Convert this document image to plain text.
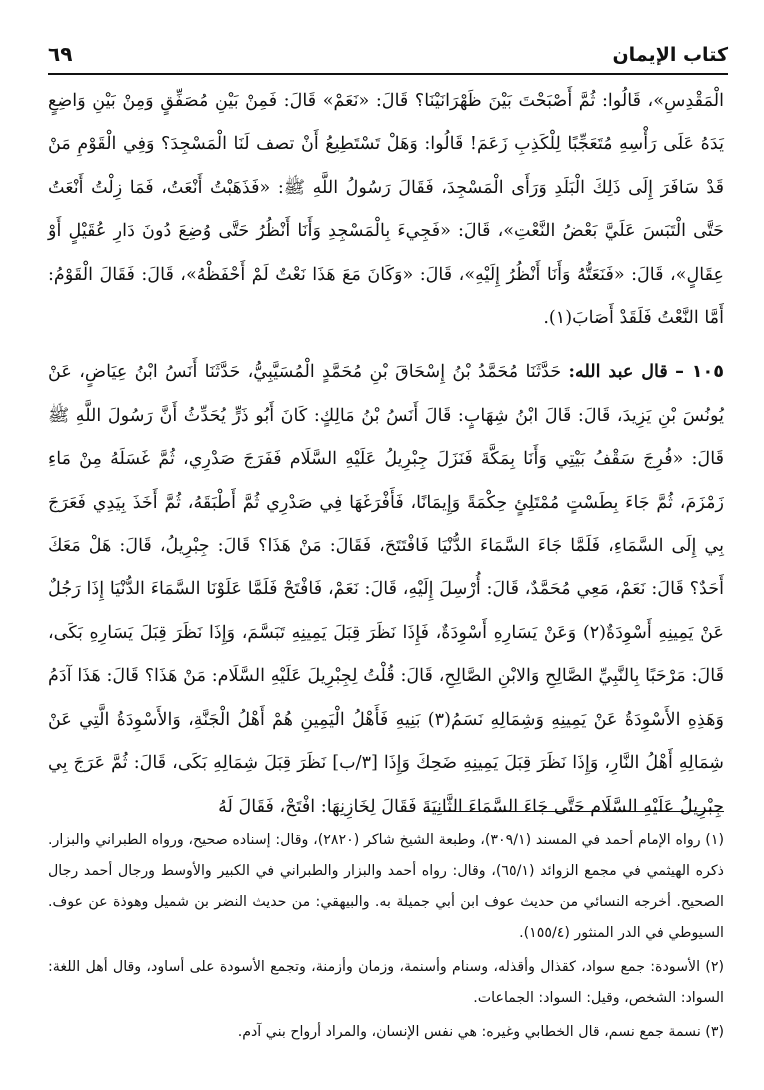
٦٩	كتاب الإيمان

الْمَقْدِسِ»، قَالُوا: ثُمَّ أَصْبَحْتَ بَيْنَ ظَهْرَانَيْنَا؟ قَالَ: «نَعَمْ» قَالَ: فَمِنْ بَيْنِ مُصَفِّقٍ وَمِنْ بَيْنِ وَاضِعٍ يَدَهُ عَلَى رَأْسِهِ مُتَعَجِّبًا لِلْكَذِبِ زَعَمَ! قَالُوا: وَهَلْ تَسْتَطِيعُ أَنْ تصف لَنَا الْمَسْجِدَ؟ وَفِي الْقَوْمِ مَنْ قَدْ سَافَرَ إِلَى ذَلِكَ الْبَلَدِ وَرَأَى الْمَسْجِدَ، فَقَالَ رَسُولُ اللَّهِ ﷺ: «فَذَهَبْتُ أَنْعَتُ، فَمَا زِلْتُ أَنْعَتُ حَتَّى الْتَبَسَ عَلَيَّ بَعْضُ النَّعْتِ»، قَالَ: «فَجِيءَ بِالْمَسْجِدِ وَأَنَا أَنْظُرُ حَتَّى وُضِعَ دُونَ دَارِ عُقَيْلٍ أَوْ عِقَالٍ»، قَالَ: «فَنَعَتُّهُ وَأَنَا أَنْظُرُ إِلَيْهِ»، قَالَ: «وَكَانَ مَعَ هَذَا نَعْتٌ لَمْ أَحْفَظْهُ»، قَالَ: فَقَالَ الْقَوْمُ: أَمَّا النَّعْتُ فَلَقَدْ أَصَابَ(١).

١٠٥ – قال عبد الله: حَدَّثَنَا مُحَمَّدُ بْنُ إِسْحَاقَ بْنِ مُحَمَّدٍ الْمُسَيَّبِيُّ، حَدَّثَنَا أَنَسُ ابْنُ عِيَاضٍ، عَنْ يُونُسَ بْنِ يَزِيدَ، قَالَ: قَالَ ابْنُ شِهَابٍ: قَالَ أَنَسُ بْنُ مَالِكٍ: كَانَ أَبُو ذَرٍّ يُحَدِّثُ أَنَّ رَسُولَ اللَّهِ ﷺ قَالَ: «فُرِجَ سَقْفُ بَيْتِي وَأَنَا بِمَكَّةَ فَنَزَلَ جِبْرِيلُ عَلَيْهِ السَّلَام فَفَرَجَ صَدْرِي، ثُمَّ غَسَلَهُ مِنْ مَاءِ زَمْزَمَ، ثُمَّ جَاءَ بِطَسْتٍ مُمْتَلِئٍ حِكْمَةً وَإِيمَانًا، فَأَفْرَغَهَا فِي صَدْرِي ثُمَّ أَطْبَقَهُ، ثُمَّ أَخَذَ بِيَدِي فَعَرَجَ بِي إِلَى السَّمَاءِ، فَلَمَّا جَاءَ السَّمَاءَ الدُّنْيَا فَافْتَتَحَ، فَقَالَ: مَنْ هَذَا؟ قَالَ: جِبْرِيلُ، قَالَ: هَلْ مَعَكَ أَحَدٌ؟ قَالَ: نَعَمْ، مَعِي مُحَمَّدٌ، قَالَ: أُرْسِلَ إِلَيْهِ، قَالَ: نَعَمْ، فَافْتَحْ فَلَمَّا عَلَوْنَا السَّمَاءَ الدُّنْيَا إِذَا رَجُلٌ عَنْ يَمِينِهِ أَسْوِدَةٌ(٢) وَعَنْ يَسَارِهِ أَسْوِدَةٌ، فَإِذَا نَظَرَ قِبَلَ يَمِينِهِ تَبَسَّمَ، وَإِذَا نَظَرَ قِبَلَ يَسَارِهِ بَكَى، قَالَ: مَرْحَبًا بِالنَّبِيِّ الصَّالِحِ وَالابْنِ الصَّالِحِ، قَالَ: قُلْتُ لِجِبْرِيلَ عَلَيْهِ السَّلَام: مَنْ هَذَا؟ قَالَ: هَذَا آدَمُ وَهَذِهِ الأَسْوِدَةُ عَنْ يَمِينِهِ وَشِمَالِهِ نَسَمُ(٣) بَنِيهِ فَأَهْلُ الْيَمِينِ هُمْ أَهْلُ الْجَنَّةِ، وَالأَسْوِدَةُ الَّتِي عَنْ شِمَالِهِ أَهْلُ النَّارِ، وَإِذَا نَظَرَ قِبَلَ يَمِينِهِ ضَحِكَ وَإِذَا [٣/ب] نَظَرَ قِبَلَ شِمَالِهِ بَكَى، قَالَ: ثُمَّ عَرَجَ بِي جِبْرِيلُ عَلَيْهِ السَّلَام حَتَّى جَاءَ السَّمَاءَ الثَّانِيَةَ فَقَالَ لِخَازِنِهَا: افْتَحْ، فَقَالَ لَهُ

(١) رواه الإمام أحمد في المسند (٣٠٩/١)، وطبعة الشيخ شاكر (٢٨٢٠)، وقال: إسناده صحيح، ورواه الطبراني والبزار. ذكره الهيثمي في مجمع الزوائد (٦٥/١)، وقال: رواه أحمد والبزار والطبراني في الكبير والأوسط ورجال أحمد رجال الصحيح. أخرجه النسائي من حديث عوف ابن أبي جميلة به. والبيهقي: من حديث النضر بن شميل وهوذة عن عوف. السيوطي في الدر المنثور (١٥٥/٤).

(٢) الأسودة: جمع سواد، كقذال وأقذله، وسنام وأسنمة، وزمان وأزمنة، وتجمع الأسودة على أساود، وقال أهل اللغة: السواد: الشخص، وقيل: السواد: الجماعات.

(٣) نسمة جمع نسم، قال الخطابي وغيره: هي نفس الإنسان، والمراد أرواح بني آدم.
